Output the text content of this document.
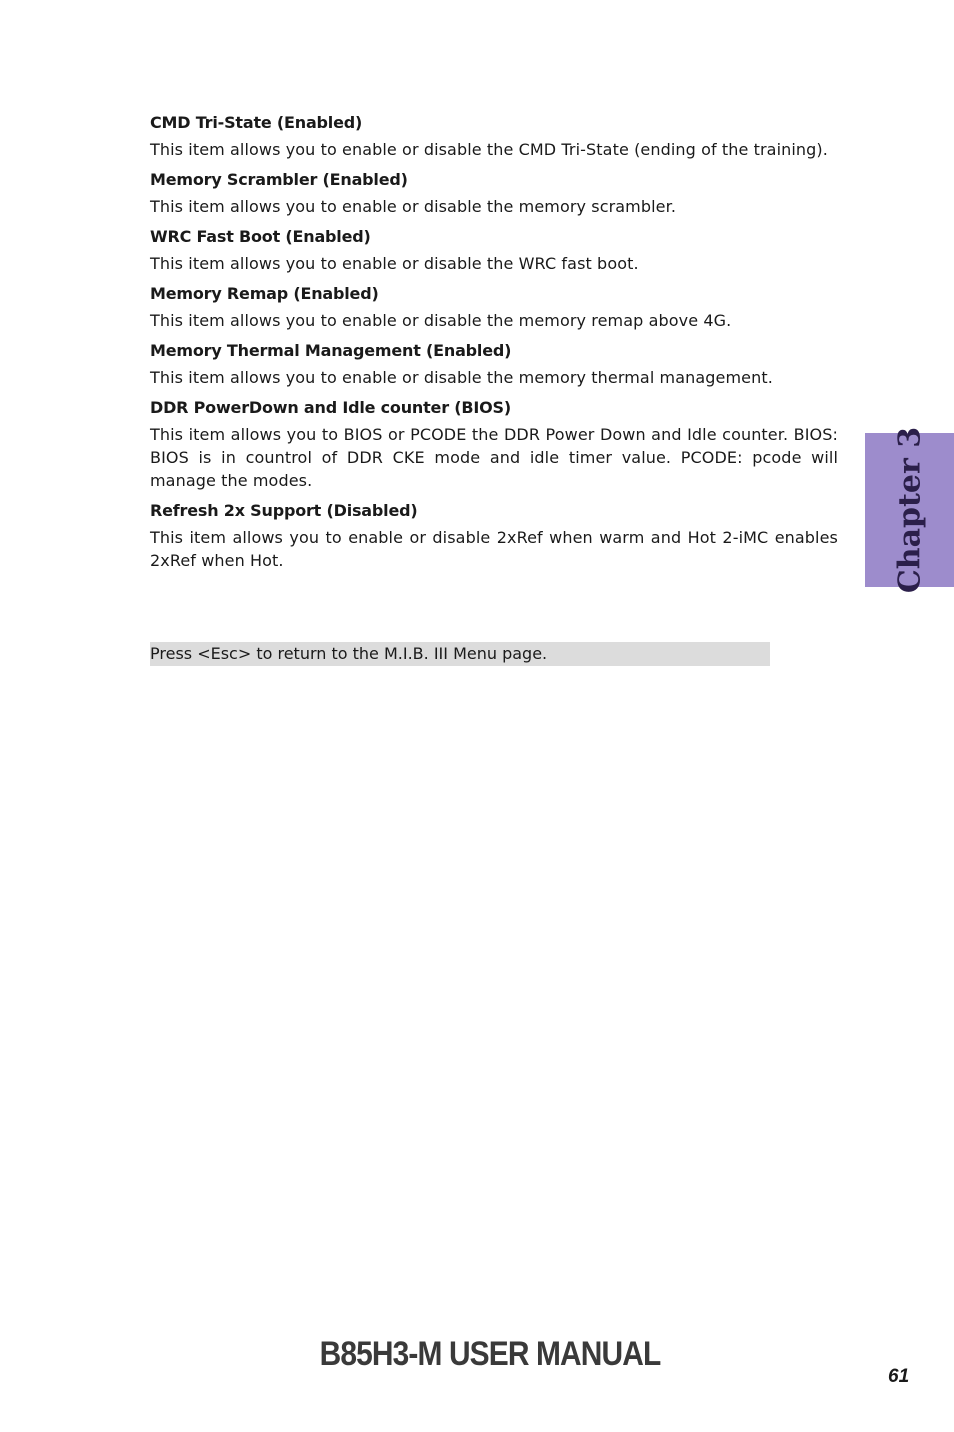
CMD Tri-State (Enabled)

This item allows you to enable or disable the CMD Tri-State (ending of the training).

Memory Scrambler (Enabled)

This item allows you to enable or disable the memory scrambler.

WRC Fast Boot (Enabled)

This item allows you to enable or disable the WRC fast boot.

Memory Remap (Enabled)

This item allows you to enable or disable the memory remap above 4G.

Memory Thermal Management (Enabled)

This item allows you to enable or disable the memory thermal management.

DDR PowerDown and Idle counter (BIOS)

This item allows you to BIOS or PCODE the DDR Power Down and Idle counter. BIOS: BIOS is in countrol of DDR CKE mode and idle timer value. PCODE: pcode will manage the modes.

Refresh 2x Support (Disabled)

This item allows you to enable or disable 2xRef when warm and Hot 2-iMC enables 2xRef when Hot.

Press <Esc> to return to the M.I.B. III Menu page.
Chapter 3
B85H3-M USER MANUAL
61
